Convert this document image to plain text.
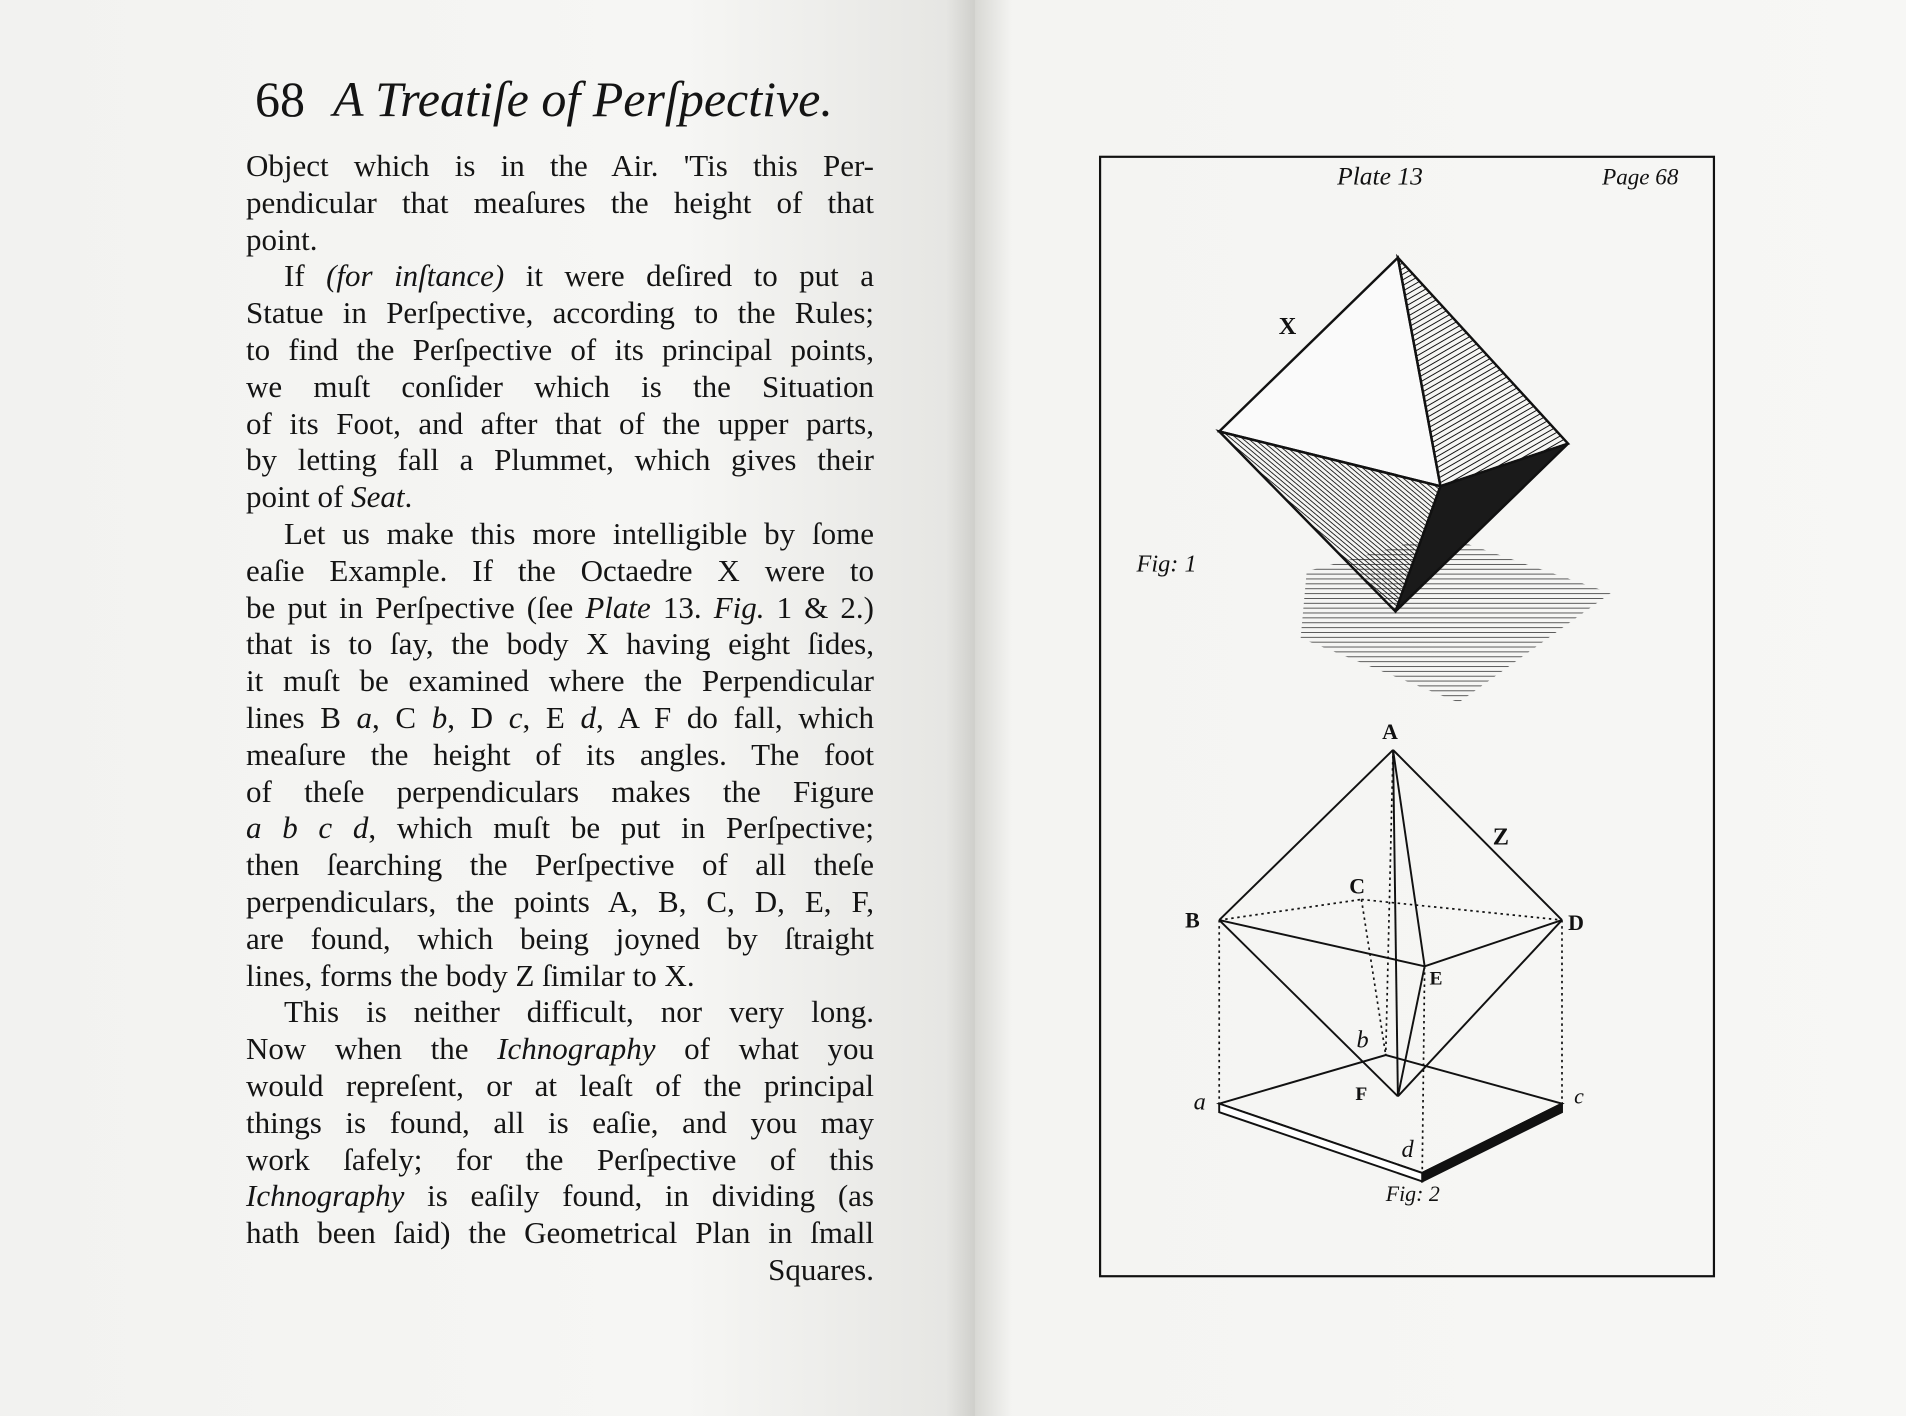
68 A Treatiſe of Perſpective.
Object which is in the Air. 'Tis this Per-
pendicular that meaſures the height of that
point.
If (for inſtance) it were deſired to put a
Statue in Perſpective, according to the Rules;
to find the Perſpective of its principal points,
we muſt conſider which is the Situation
of its Foot, and after that of the upper parts,
by letting fall a Plummet, which gives their
point of Seat.
Let us make this more intelligible by ſome
eaſie Example. If the Octaedre X were to
be put in Perſpective (ſee Plate 13. Fig. 1 & 2.)
that is to ſay, the body X having eight ſides,
it muſt be examined where the Perpendicular
lines B a, C b, D c, E d, A F do fall, which
meaſure the height of its angles. The foot
of theſe perpendiculars makes the Figure
a b c d, which muſt be put in Perſpective;
then ſearching the Perſpective of all theſe
perpendiculars, the points A, B, C, D, E, F,
are found, which being joyned by ſtraight
lines, forms the body Z ſimilar to X.
This is neither difficult, nor very long.
Now when the Ichnography of what you
would repreſent, or at leaſt of the principal
things is found, all is eaſie, and you may
work ſafely; for the Perſpective of this
Ichnography is eaſily found, in dividing (as
hath been ſaid) the Geometrical Plan in ſmall
Squares.
Plate 13	Page 68
X
Fig: 1
A
B
C
D
E
F
Z
a
b
c
d
Fig: 2
